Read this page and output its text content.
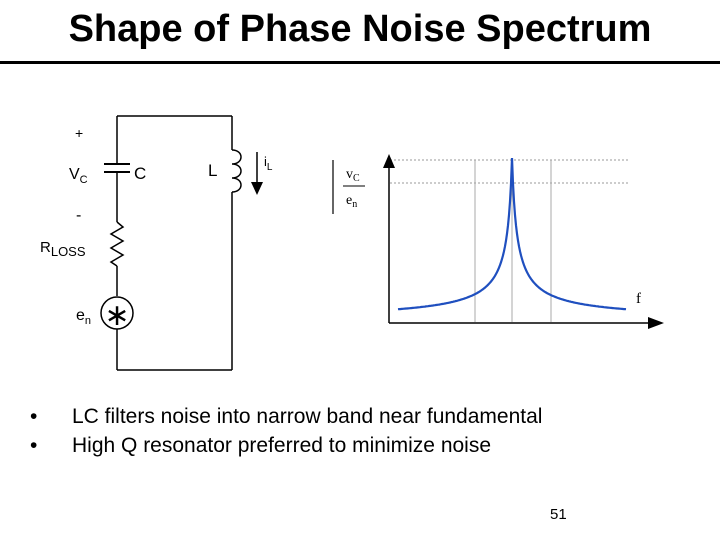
Shape of Phase Noise Spectrum
∗
+
-
$V_C$	C	L	$i_L$
RLOSS
$e_n$
$v_C$
$e_n$
f
• LC filters noise into narrow band near fundamental
• High Q resonator preferred to minimize noise
51
